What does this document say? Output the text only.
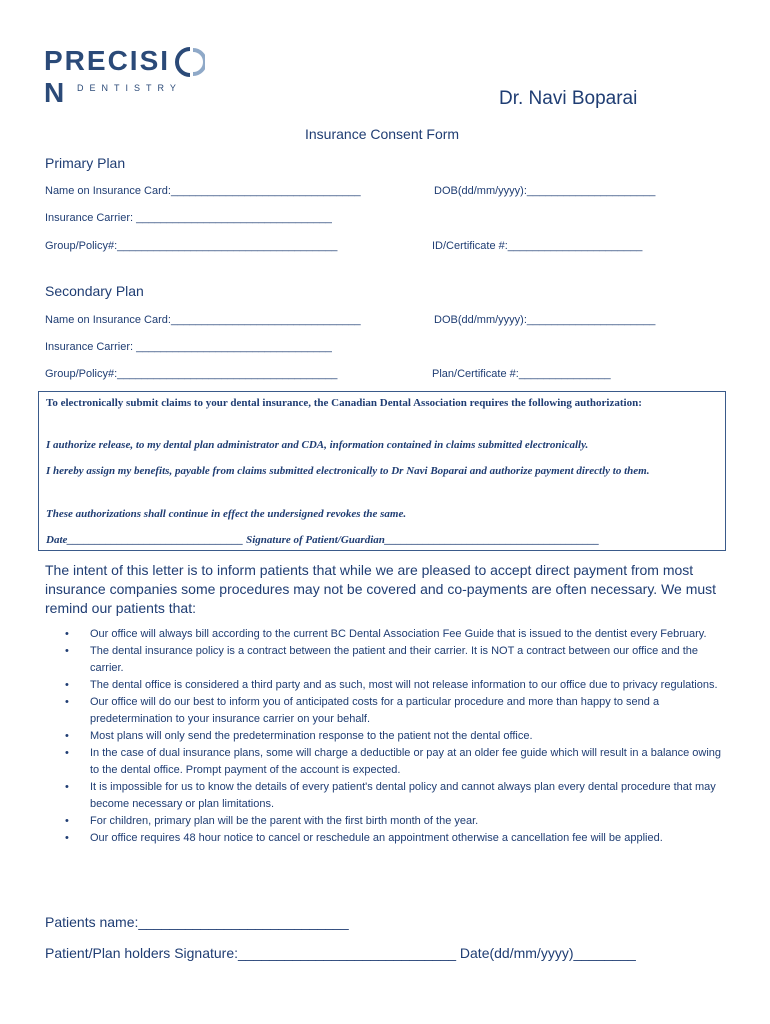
PRECISIN	DENTISTRY	Dr. Navi Boparai
Insurance Consent Form
Primary Plan
Name on Insurance Card:_______________________________	DOB(dd/mm/yyyy):_____________________
Insurance Carrier: ________________________________
Group/Policy#:____________________________________	ID/Certificate #:______________________
Secondary Plan
Name on Insurance Card:_______________________________	DOB(dd/mm/yyyy):_____________________
Insurance Carrier: ________________________________
Group/Policy#:____________________________________	Plan/Certificate #:_______________
To electronically submit claims to your dental insurance, the Canadian Dental Association requires the following authorization:
I authorize release, to my dental plan administrator and CDA, information contained in claims submitted electronically.
I hereby assign my benefits, payable from claims submitted electronically to Dr Navi Boparai and authorize payment directly to them.
These authorizations shall continue in effect the undersigned revokes the same.
Date________________________________ Signature of Patient/Guardian_______________________________________
The intent of this letter is to inform patients that while we are pleased to accept direct payment from most insurance companies some procedures may not be covered and co-payments are often necessary. We must remind our patients that:
• Our office will always bill according to the current BC Dental Association Fee Guide that is issued to the dentist every February.
• The dental insurance policy is a contract between the patient and their carrier. It is NOT a contract between our office and the carrier.
• The dental office is considered a third party and as such, most will not release information to our office due to privacy regulations.
• Our office will do our best to inform you of anticipated costs for a particular procedure and more than happy to send a predetermination to your insurance carrier on your behalf.
• Most plans will only send the predetermination response to the patient not the dental office.
• In the case of dual insurance plans, some will charge a deductible or pay at an older fee guide which will result in a balance owing to the dental office. Prompt payment of the account is expected.
• It is impossible for us to know the details of every patient's dental policy and cannot always plan every dental procedure that may become necessary or plan limitations.
• For children, primary plan will be the parent with the first birth month of the year.
• Our office requires 48 hour notice to cancel or reschedule an appointment otherwise a cancellation fee will be applied.
Patients name:___________________________
Patient/Plan holders Signature:____________________________ Date(dd/mm/yyyy)________
